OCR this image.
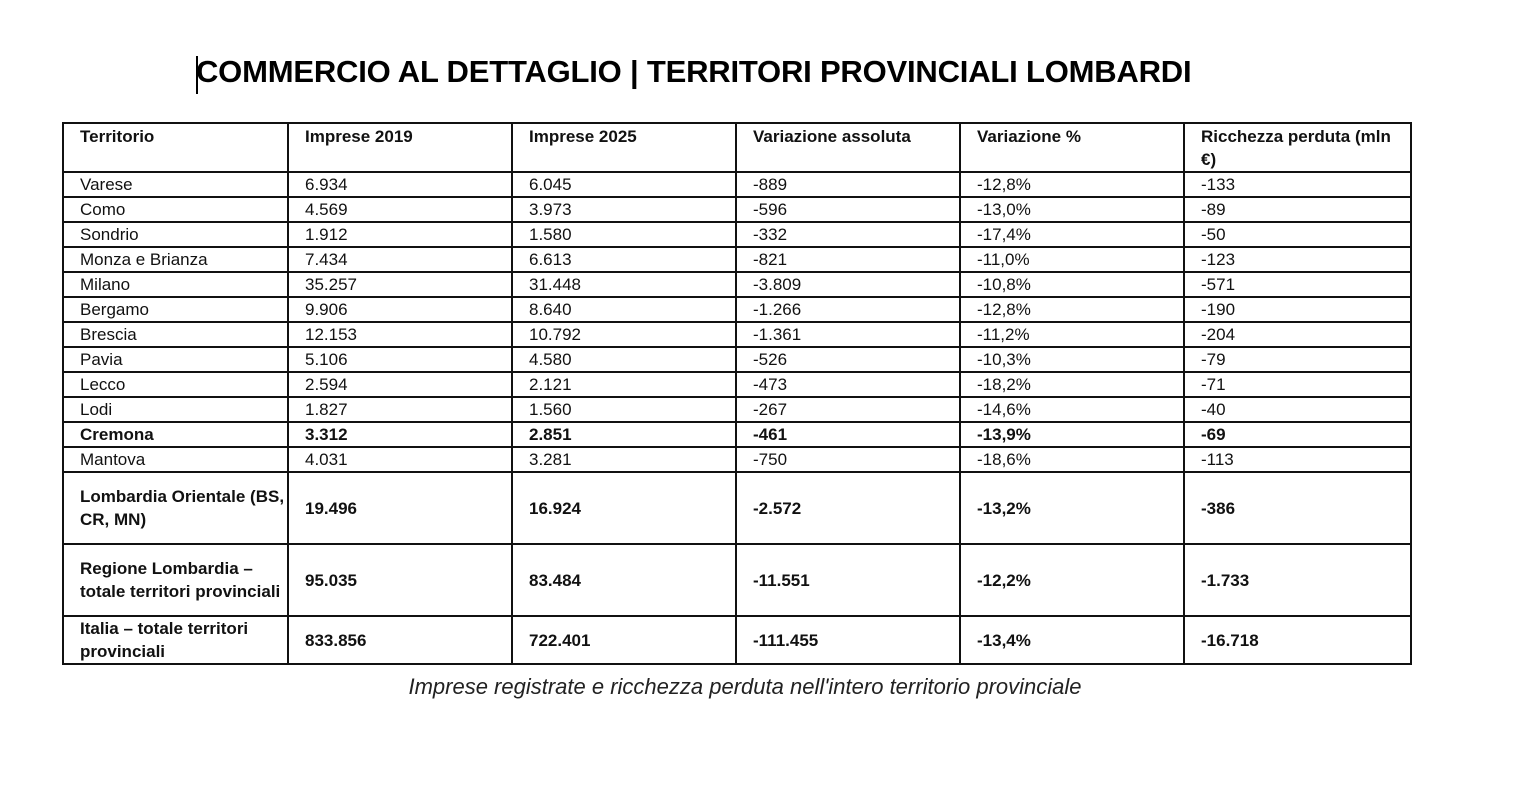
COMMERCIO AL DETTAGLIO | TERRITORI PROVINCIALI LOMBARDI
Territorio	Imprese 2019	Imprese 2025	Variazione assoluta	Variazione %	Ricchezza perduta (mln €)
Varese	6.934	6.045	-889	-12,8%	-133
Como	4.569	3.973	-596	-13,0%	-89
Sondrio	1.912	1.580	-332	-17,4%	-50
Monza e Brianza	7.434	6.613	-821	-11,0%	-123
Milano	35.257	31.448	-3.809	-10,8%	-571
Bergamo	9.906	8.640	-1.266	-12,8%	-190
Brescia	12.153	10.792	-1.361	-11,2%	-204
Pavia	5.106	4.580	-526	-10,3%	-79
Lecco	2.594	2.121	-473	-18,2%	-71
Lodi	1.827	1.560	-267	-14,6%	-40
Cremona	3.312	2.851	-461	-13,9%	-69
Mantova	4.031	3.281	-750	-18,6%	-113
Lombardia Orientale (BS, CR, MN)	19.496	16.924	-2.572	-13,2%	-386
Regione Lombardia – totale territori provinciali	95.035	83.484	-11.551	-12,2%	-1.733
Italia – totale territori provinciali	833.856	722.401	-111.455	-13,4%	-16.718
Imprese registrate e ricchezza perduta nell'intero territorio provinciale
